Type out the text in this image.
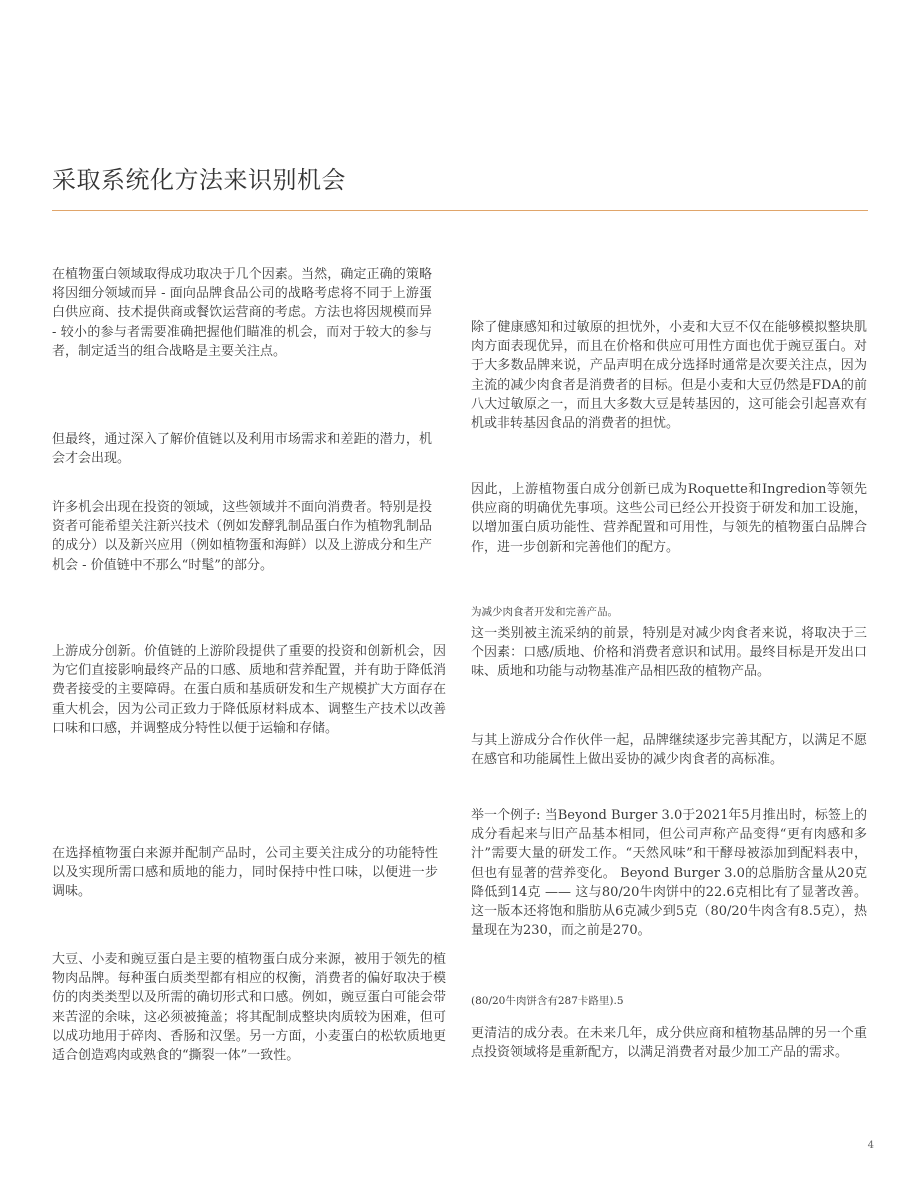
采取系统化方法来识别机会

在植物蛋白领域取得成功取决于几个因素。当然，确定正确的策略将因细分领域而异 - 面向品牌食品公司的战略考虑将不同于上游蛋白供应商、技术提供商或餐饮运营商的考虑。方法也将因规模而异 - 较小的参与者需要准确把握他们瞄准的机会，而对于较大的参与者，制定适当的组合战略是主要关注点。

但最终，通过深入了解价值链以及利用市场需求和差距的潜力，机会才会出现。

许多机会出现在投资的领域，这些领域并不面向消费者。特别是投资者可能希望关注新兴技术（例如发酵乳制品蛋白作为植物乳制品的成分）以及新兴应用（例如植物蛋和海鲜）以及上游成分和生产机会 - 价值链中不那么“时髦”的部分。

上游成分创新。价值链的上游阶段提供了重要的投资和创新机会，因为它们直接影响最终产品的口感、质地和营养配置，并有助于降低消费者接受的主要障碍。在蛋白质和基质研发和生产规模扩大方面存在重大机会，因为公司正致力于降低原材料成本、调整生产技术以改善口味和口感，并调整成分特性以便于运输和存储。

在选择植物蛋白来源并配制产品时，公司主要关注成分的功能特性以及实现所需口感和质地的能力，同时保持中性口味，以便进一步调味。

大豆、小麦和豌豆蛋白是主要的植物蛋白成分来源，被用于领先的植物肉品牌。每种蛋白质类型都有相应的权衡，消费者的偏好取决于模仿的肉类类型以及所需的确切形式和口感。例如，豌豆蛋白可能会带来苦涩的余味，这必须被掩盖；将其配制成整块肉质较为困难，但可以成功地用于碎肉、香肠和汉堡。另一方面，小麦蛋白的松软质地更适合创造鸡肉或熟食的“撕裂一体”一致性。

除了健康感知和过敏原的担忧外，小麦和大豆不仅在能够模拟整块肌肉方面表现优异，而且在价格和供应可用性方面也优于豌豆蛋白。对于大多数品牌来说，产品声明在成分选择时通常是次要关注点，因为主流的减少肉食者是消费者的目标。但是小麦和大豆仍然是FDA的前八大过敏原之一，而且大多数大豆是转基因的，这可能会引起喜欢有机或非转基因食品的消费者的担忧。

因此，上游植物蛋白成分创新已成为Roquette和Ingredion等领先供应商的明确优先事项。这些公司已经公开投资于研发和加工设施，以增加蛋白质功能性、营养配置和可用性，与领先的植物蛋白品牌合作，进一步创新和完善他们的配方。

为减少肉食者开发和完善产品。

这一类别被主流采纳的前景，特别是对减少肉食者来说，将取决于三个因素：口感/质地、价格和消费者意识和试用。最终目标是开发出口味、质地和功能与动物基准产品相匹敌的植物产品。

与其上游成分合作伙伴一起，品牌继续逐步完善其配方，以满足不愿在感官和功能属性上做出妥协的减少肉食者的高标准。

举一个例子: 当Beyond Burger 3.0于2021年5月推出时，标签上的成分看起来与旧产品基本相同，但公司声称产品变得“更有肉感和多汁”需要大量的研发工作。“天然风味”和干酵母被添加到配料表中，但也有显著的营养变化。 Beyond Burger 3.0的总脂肪含量从20克降低到14克 —— 这与80/20牛肉饼中的22.6克相比有了显著改善。这一版本还将饱和脂肪从6克减少到5克（80/20牛肉含有8.5克），热量现在为230，而之前是270。

(80/20牛肉饼含有287卡路里).5

更清洁的成分表。在未来几年，成分供应商和植物基品牌的另一个重点投资领域将是重新配方，以满足消费者对最少加工产品的需求。

4
